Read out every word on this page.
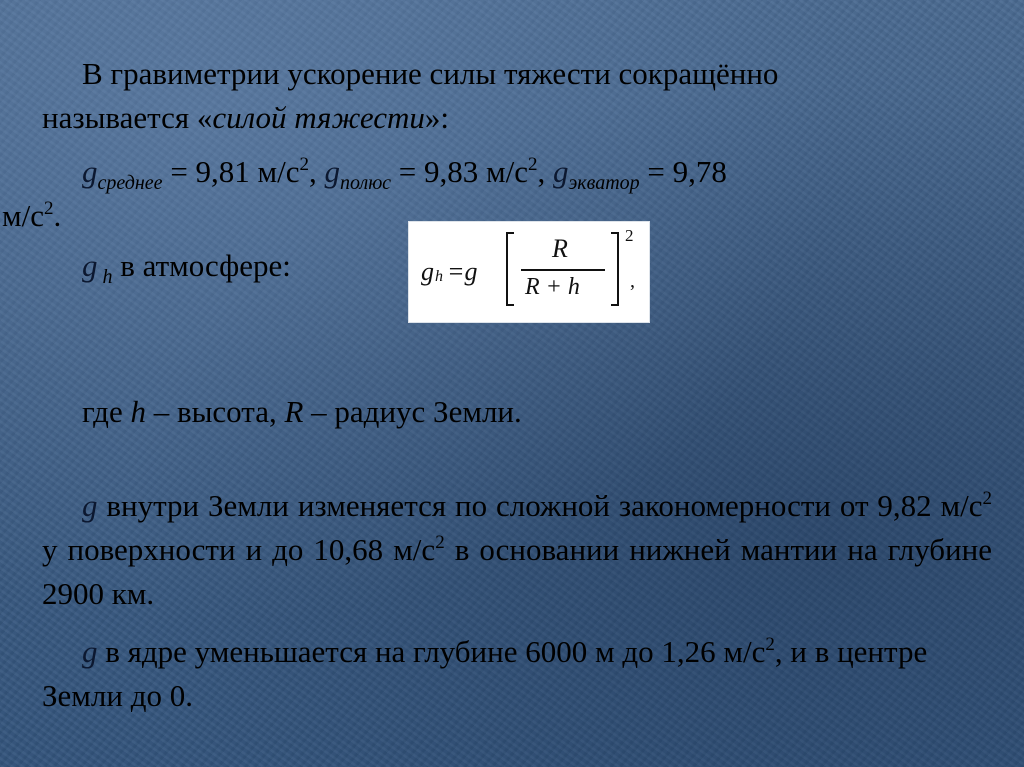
В гравиметрии ускорение силы тяжести сокращённо
называется «силой тяжести»:

$g_{среднее} = 9,81$ $м/с^2$, $g_{полюс} = 9,83$ $м/с^2$, $g_{экватор} = 9,78$
$м/с^2$.

g $_h$ в атмосфере:	g h =g
R
R + h
2
,

где h – высота, R – радиус Земли.

g внутри Земли изменяется по сложной закономерности от 9,82 $м/с^2$ у поверхности и до 10,68 $м/с^2$ в основании нижней мантии на глубине 2900 км.

g в ядре уменьшается на глубине 6000 м до 1,26 $м/с^2$, и в центре Земли до 0.
